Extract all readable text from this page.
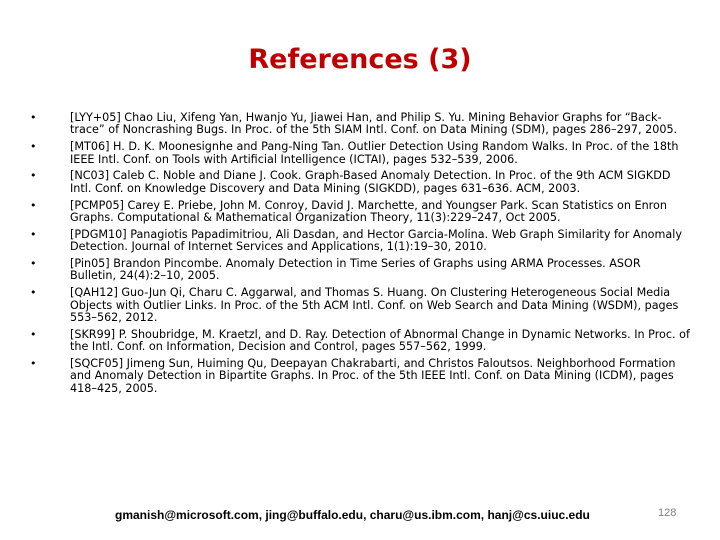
References (3)
•	[LYY+05] Chao Liu, Xifeng Yan, Hwanjo Yu, Jiawei Han, and Philip S. Yu. Mining Behavior Graphs for “Back- trace” of Noncrashing Bugs. In Proc. of the 5th SIAM Intl. Conf. on Data Mining (SDM), pages 286–297, 2005.
•	[MT06] H. D. K. Moonesignhe and Pang-Ning Tan. Outlier Detection Using Random Walks. In Proc. of the 18th IEEE Intl. Conf. on Tools with Artificial Intelligence (ICTAI), pages 532–539, 2006.
•	[NC03] Caleb C. Noble and Diane J. Cook. Graph-Based Anomaly Detection. In Proc. of the 9th ACM SIGKDD Intl. Conf. on Knowledge Discovery and Data Mining (SIGKDD), pages 631–636. ACM, 2003.
•	[PCMP05] Carey E. Priebe, John M. Conroy, David J. Marchette, and Youngser Park. Scan Statistics on Enron Graphs. Computational & Mathematical Organization Theory, 11(3):229–247, Oct 2005.
•	[PDGM10] Panagiotis Papadimitriou, Ali Dasdan, and Hector Garcia-Molina. Web Graph Similarity for Anomaly Detection. Journal of Internet Services and Applications, 1(1):19–30, 2010.
•	[Pin05] Brandon Pincombe. Anomaly Detection in Time Series of Graphs using ARMA Processes. ASOR Bulletin, 24(4):2–10, 2005.
•	[QAH12] Guo-Jun Qi, Charu C. Aggarwal, and Thomas S. Huang. On Clustering Heterogeneous Social Media Objects with Outlier Links. In Proc. of the 5th ACM Intl. Conf. on Web Search and Data Mining (WSDM), pages 553–562, 2012.
•	[SKR99] P. Shoubridge, M. Kraetzl, and D. Ray. Detection of Abnormal Change in Dynamic Networks. In Proc. of the Intl. Conf. on Information, Decision and Control, pages 557–562, 1999.
•	[SQCF05] Jimeng Sun, Huiming Qu, Deepayan Chakrabarti, and Christos Faloutsos. Neighborhood Formation and Anomaly Detection in Bipartite Graphs. In Proc. of the 5th IEEE Intl. Conf. on Data Mining (ICDM), pages 418–425, 2005.
gmanish@microsoft.com, jing@buffalo.edu, charu@us.ibm.com, hanj@cs.uiuc.edu	128
